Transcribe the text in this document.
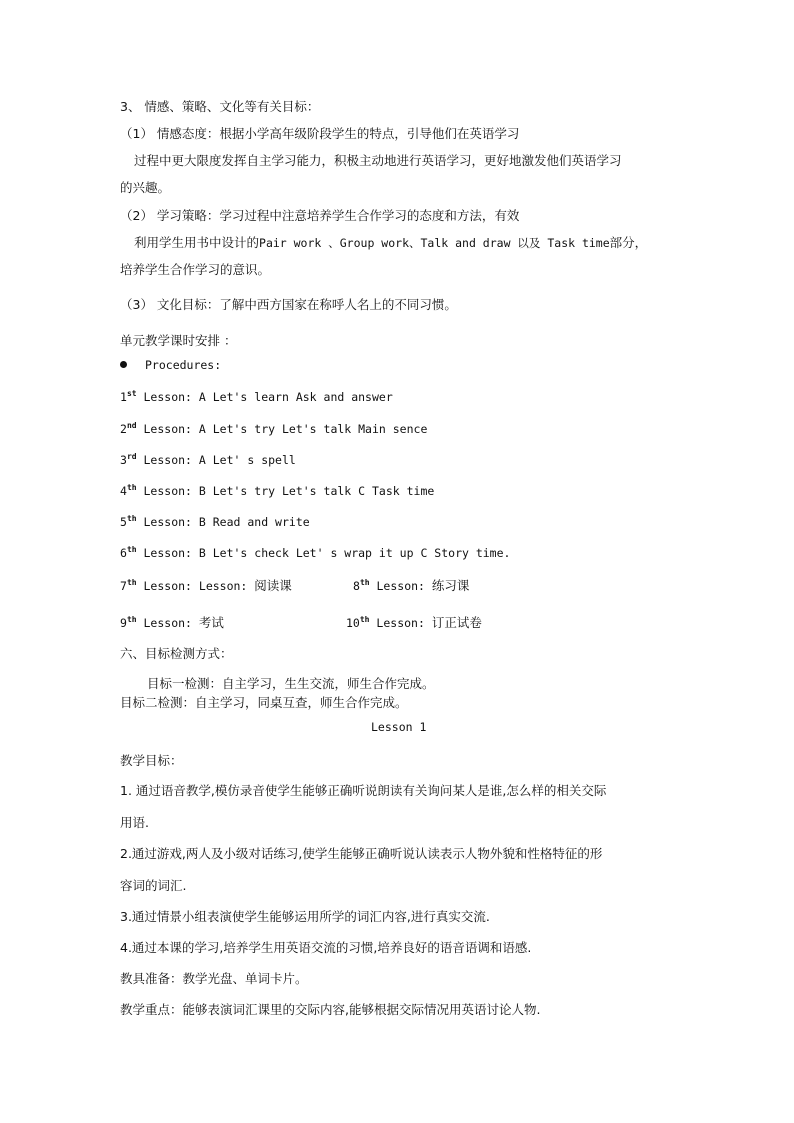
3、 情感、策略、文化等有关目标：
（1） 情感态度：根据小学高年级阶段学生的特点，引导他们在英语学习
过程中更大限度发挥自主学习能力，积极主动地进行英语学习，更好地激发他们英语学习
的兴趣。
（2） 学习策略：学习过程中注意培养学生合作学习的态度和方法，有效
利用学生用书中设计的Pair work 、Group work、Talk and draw 以及 Task time部分，
培养学生合作学习的意识。
（3） 文化目标：了解中西方国家在称呼人名上的不同习惯。
单元教学课时安排 ：
Procedures:
1st Lesson: A Let's learn Ask and answer
2nd Lesson: A Let's try Let's talk Main sence
3rd Lesson: A Let' s spell
4th Lesson: B Let's try Let's talk C Task time
5th Lesson: B Read and write
6th Lesson: B Let's check Let' s wrap it up C Story time.
7th Lesson: Lesson: 阅读课	8th Lesson: 练习课
9th Lesson: 考试	10th Lesson: 订正试卷
六、目标检测方式：
目标一检测：自主学习，生生交流，师生合作完成。
目标二检测：自主学习，同桌互查，师生合作完成。
Lesson 1
教学目标：
1. 通过语音教学,模仿录音使学生能够正确听说朗读有关询问某人是谁,怎么样的相关交际
用语.
2.通过游戏,两人及小级对话练习,使学生能够正确听说认读表示人物外貌和性格特征的形
容词的词汇.
3.通过情景小组表演使学生能够运用所学的词汇内容,进行真实交流.
4.通过本课的学习,培养学生用英语交流的习惯,培养良好的语音语调和语感.
教具准备：教学光盘、单词卡片。
教学重点：能够表演词汇课里的交际内容,能够根据交际情况用英语讨论人物.
